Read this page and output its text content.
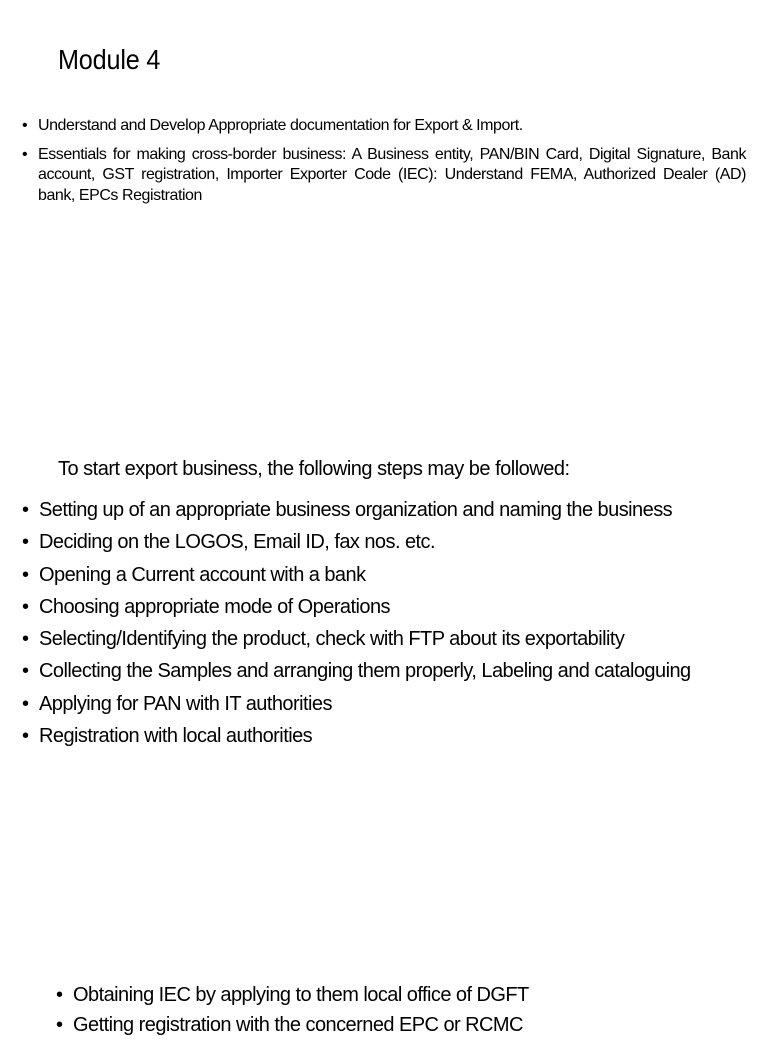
Module 4
• Understand and Develop Appropriate documentation for Export & Import.
• Essentials for making cross-border business: A Business entity, PAN/BIN Card, Digital Signature, Bank account, GST registration, Importer Exporter Code (IEC): Understand FEMA, Authorized Dealer (AD) bank, EPCs Registration
To start export business, the following steps may be followed:
• Setting up of an appropriate business organization and naming the business
• Deciding on the LOGOS, Email ID, fax nos. etc.
• Opening a Current account with a bank
• Choosing appropriate mode of Operations
• Selecting/Identifying the product, check with FTP about its exportability
• Collecting the Samples and arranging them properly, Labeling and cataloguing
• Applying for PAN with IT authorities
• Registration with local authorities
• Obtaining IEC by applying to them local office of DGFT
• Getting registration with the concerned EPC or RCMC
